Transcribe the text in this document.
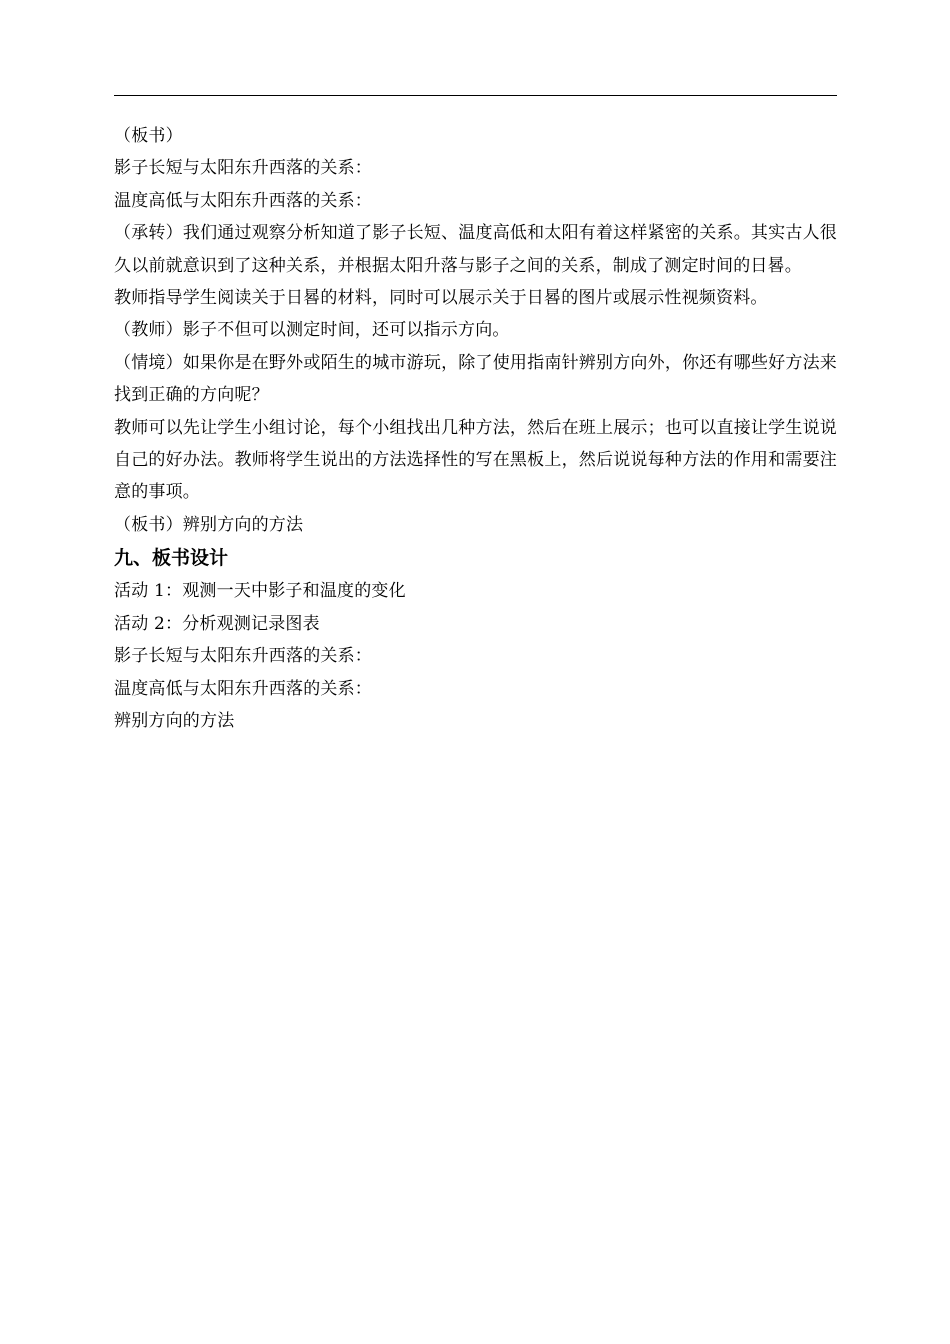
（板书）

影子长短与太阳东升西落的关系：

温度高低与太阳东升西落的关系：

（承转）我们通过观察分析知道了影子长短、温度高低和太阳有着这样紧密的关系。其实古人很久以前就意识到了这种关系，并根据太阳升落与影子之间的关系，制成了测定时间的日晷。

教师指导学生阅读关于日晷的材料，同时可以展示关于日晷的图片或展示性视频资料。

（教师）影子不但可以测定时间，还可以指示方向。

（情境）如果你是在野外或陌生的城市游玩，除了使用指南针辨别方向外，你还有哪些好方法来找到正确的方向呢？

教师可以先让学生小组讨论，每个小组找出几种方法，然后在班上展示；也可以直接让学生说说自己的好办法。教师将学生说出的方法选择性的写在黑板上，然后说说每种方法的作用和需要注意的事项。

（板书）辨别方向的方法

九、板书设计

活动 1：观测一天中影子和温度的变化

活动 2：分析观测记录图表

影子长短与太阳东升西落的关系：

温度高低与太阳东升西落的关系：

辨别方向的方法
